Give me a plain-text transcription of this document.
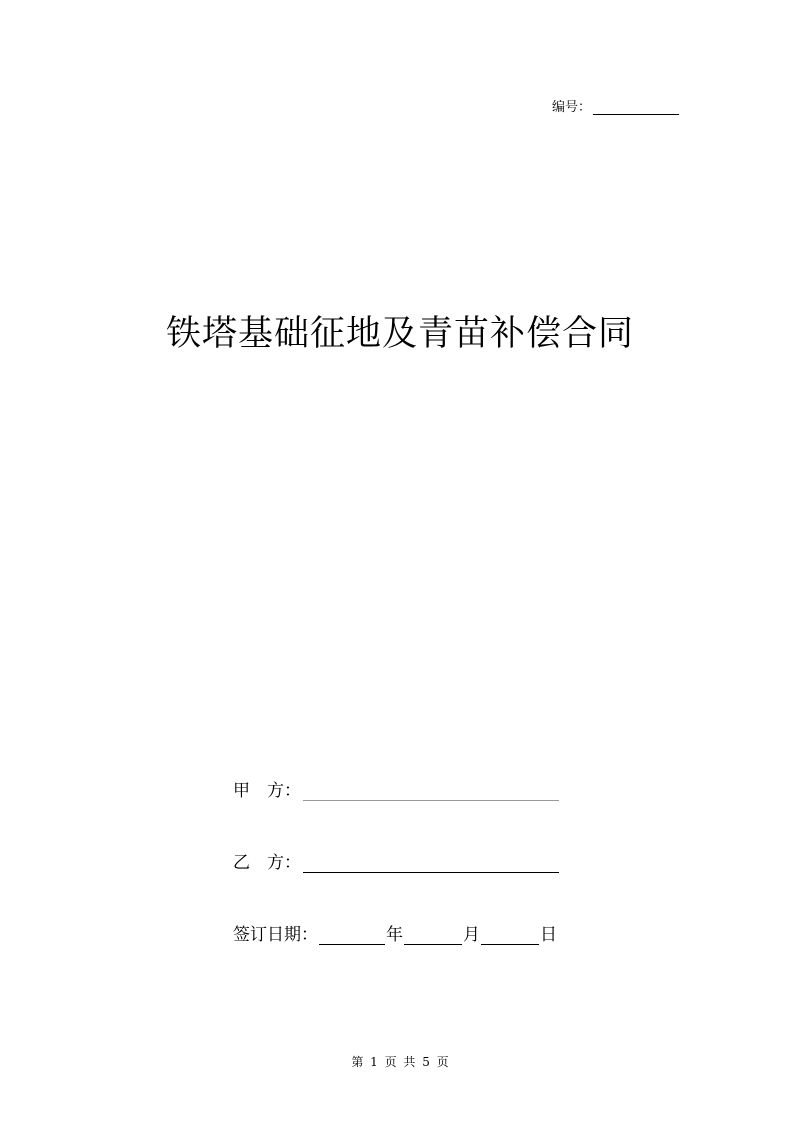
编号：
铁塔基础征地及青苗补偿合同
甲　方：
乙　方：
签订日期：	年	月	日
第 1 页 共 5 页
